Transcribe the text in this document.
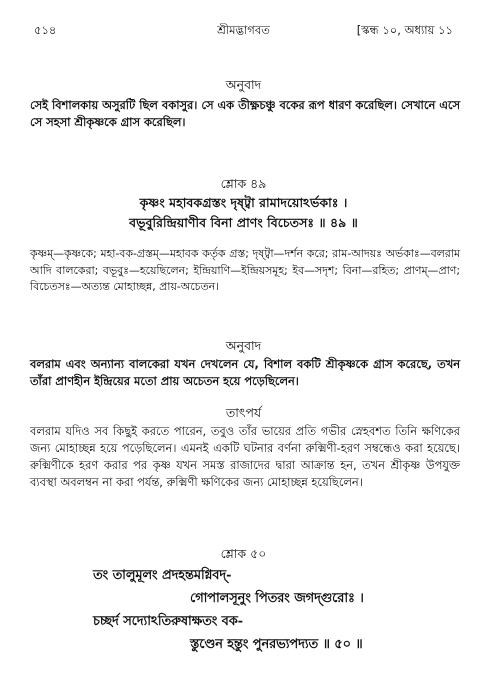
৫১৪	শ্রীমদ্ভাগবত	[স্কন্ধ ১০, অধ্যায় ১১
অনুবাদ
সেই বিশালকায় অসুরটি ছিল বকাসুর। সে এক তীক্ষ্ণচঞ্চু বকের রূপ ধারণ করেছিল। সেখানে এসে সে সহসা শ্রীকৃষ্ণকে গ্রাস করেছিল।
শ্লোক ৪৯
কৃষ্ণং মহাবকগ্রস্তং দৃষ্ট্বা রামাদয়োঽর্ভকাঃ ।
বভূবুরিন্দ্রিয়াণীব বিনা প্রাণং বিচেতসঃ ॥ ৪৯ ॥
কৃষ্ণম্—কৃষ্ণকে; মহা-বক-গ্রস্তম্—মহাবক কর্তৃক গ্রস্ত; দৃষ্ট্বা—দর্শন করে; রাম-আদয়ঃ অর্ভকাঃ—বলরাম আদি বালকেরা; বভূবুঃ—হয়েছিলেন; ইন্দ্রিয়াণি—ইন্দ্রিয়সমূহ; ইব—সদৃশ; বিনা—রহিত; প্রাণম্—প্রাণ; বিচেতসঃ—অত্যন্ত মোহাচ্ছন্ন, প্রায়-অচেতন।
অনুবাদ
বলরাম এবং অন্যান্য বালকেরা যখন দেখলেন যে, বিশাল বকটি শ্রীকৃষ্ণকে গ্রাস করেছে, তখন তাঁরা প্রাণহীন ইন্দ্রিয়ের মতো প্রায় অচেতন হয়ে পড়েছিলেন।
তাৎপর্য
বলরাম যদিও সব কিছুই করতে পারেন, তবুও তাঁর ভায়ের প্রতি গভীর স্নেহবশত তিনি ক্ষণিকের জন্য মোহাচ্ছন্ন হয়ে পড়েছিলেন। এমনই একটি ঘটনার বর্ণনা রুক্মিণী-হরণ সম্বন্ধেও করা হয়েছে। রুক্মিণীকে হরণ করার পর কৃষ্ণ যখন সমস্ত রাজাদের দ্বারা আক্রান্ত হন, তখন শ্রীকৃষ্ণ উপযুক্ত ব্যবস্থা অবলম্বন না করা পর্যন্ত, রুক্মিণী ক্ষণিকের জন্য মোহাচ্ছন্ন হয়েছিলেন।
শ্লোক ৫০
তং তালুমূলং প্রদহন্তমগ্নিবদ্-
গোপালসূনুং পিতরং জগদ্গুরোঃ ।
চচ্ছর্দ সদ্যোঽতিরুষাক্ষতং বক-
স্তুণ্ডেন হন্তুং পুনরভ্যপদ্যত ॥ ৫০ ॥
